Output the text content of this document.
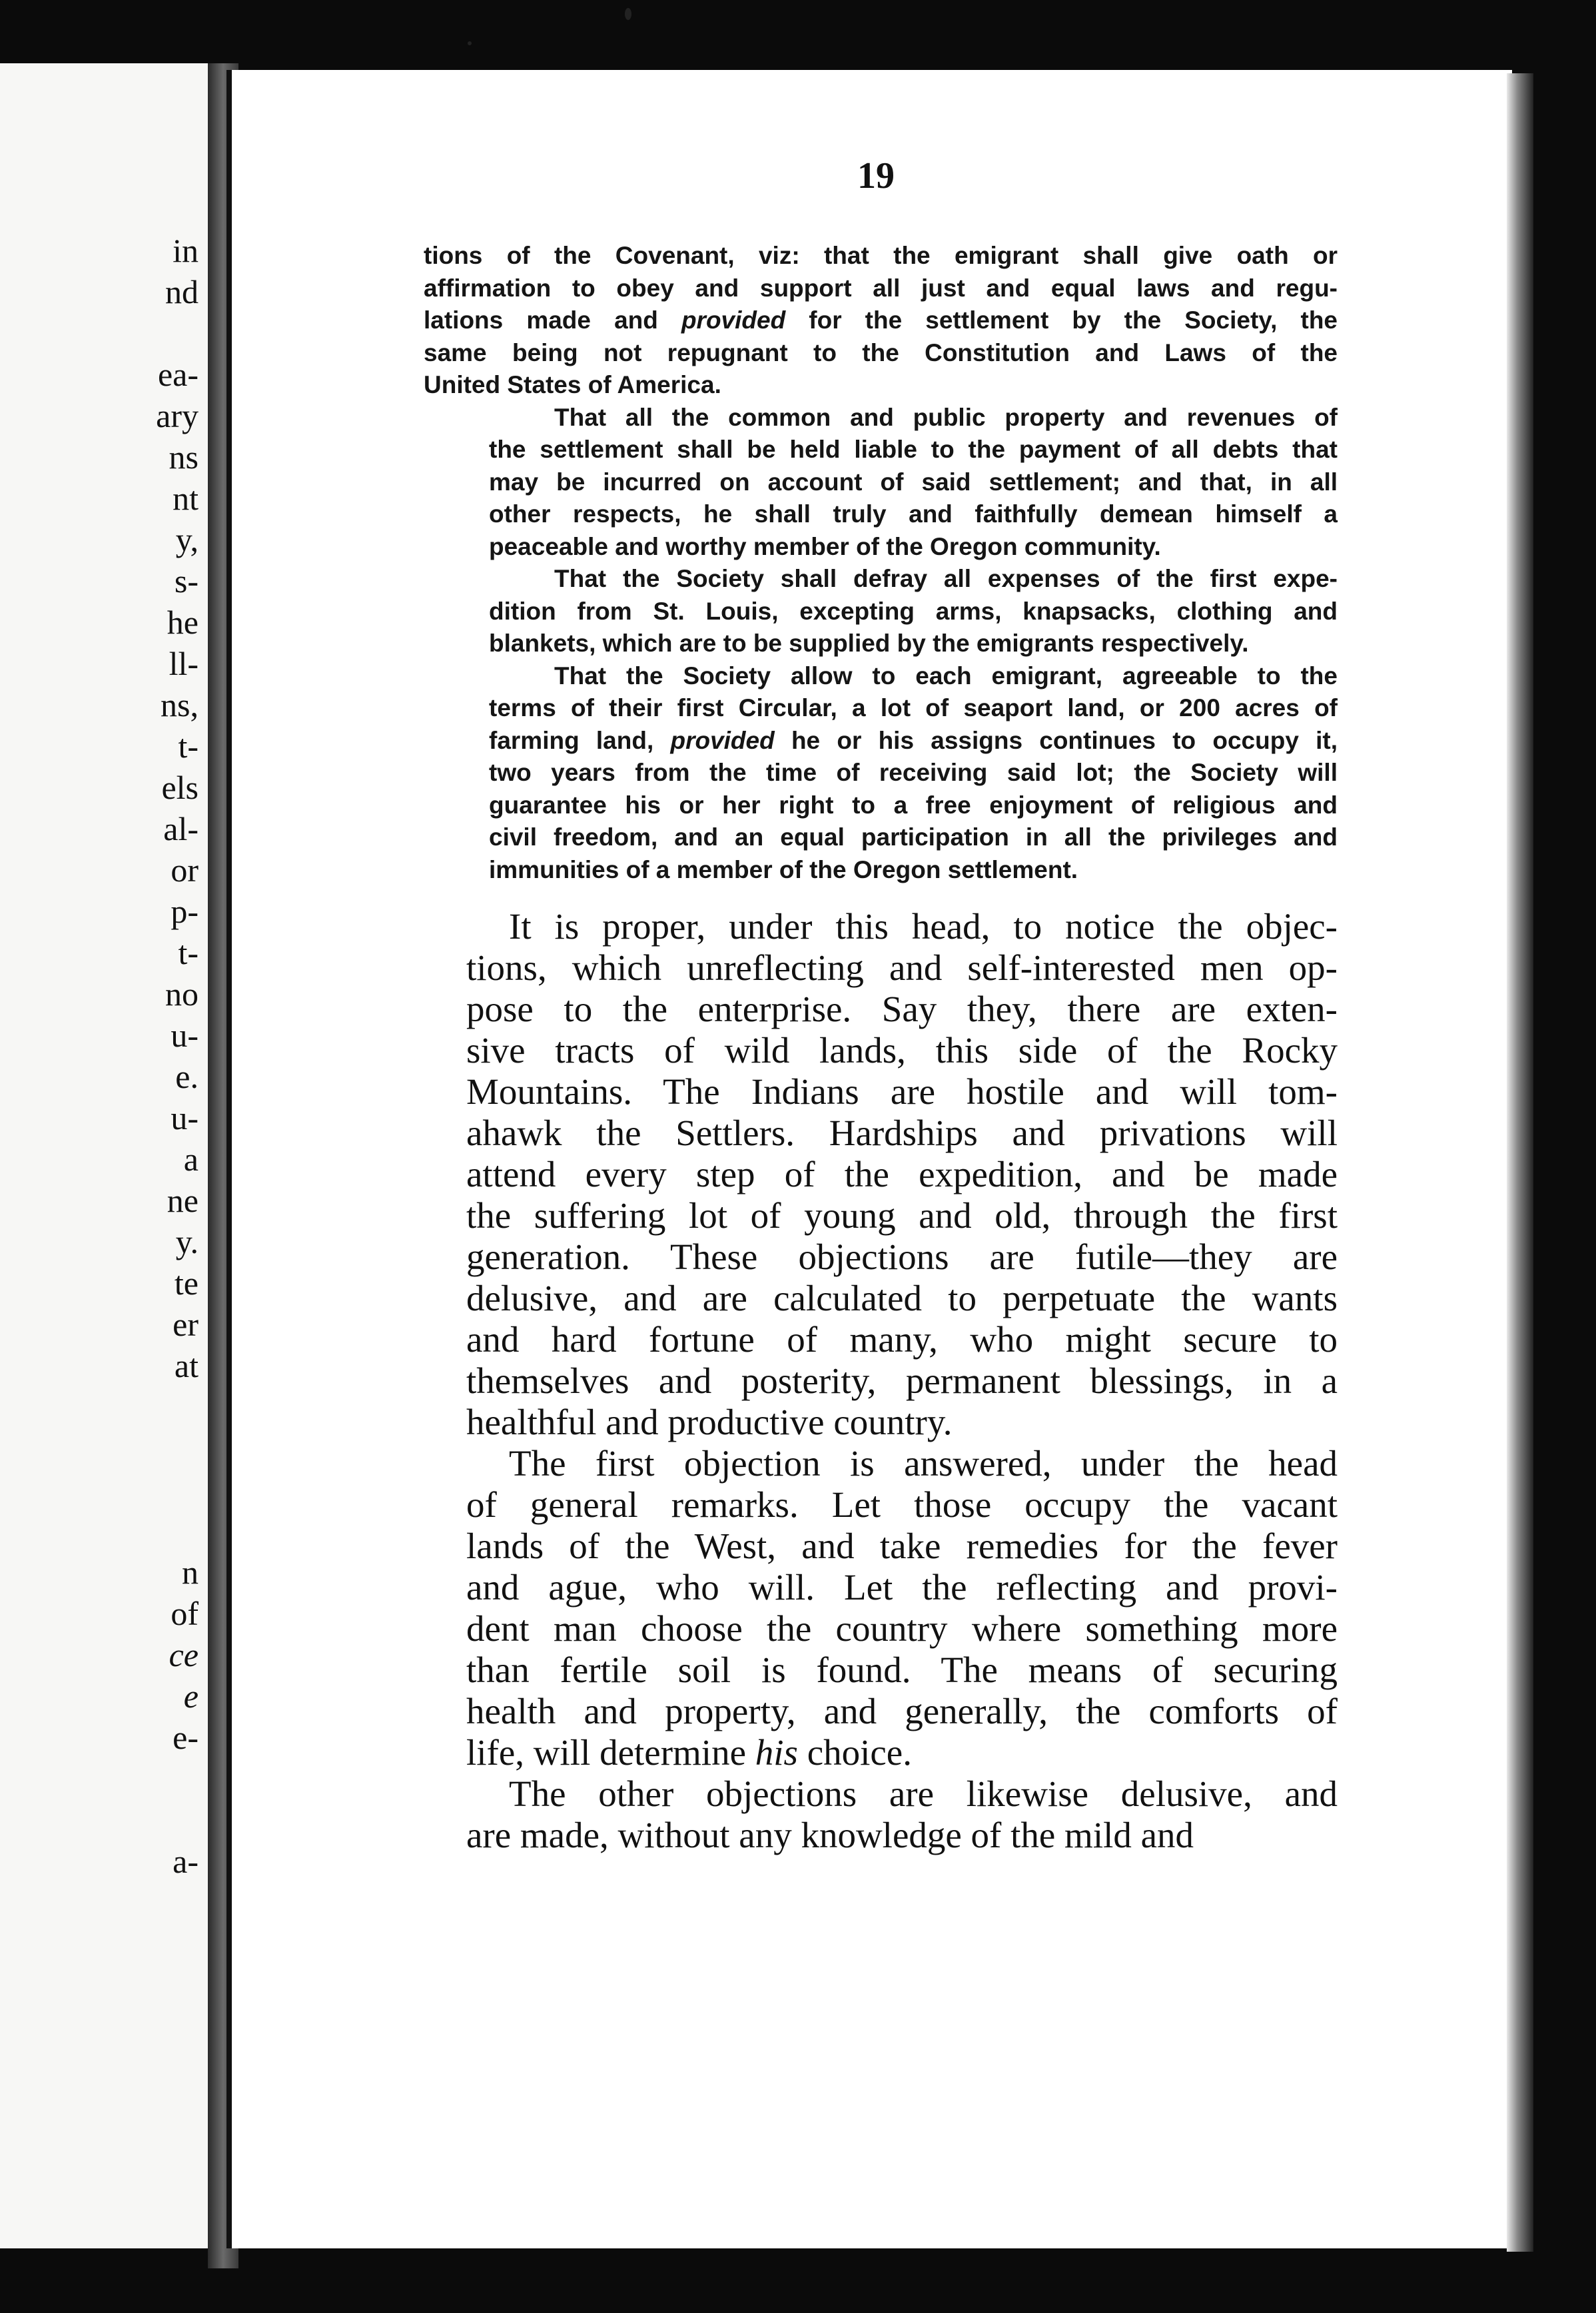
in
nd
ea-
ary
ns
nt
y,
s-
he
ll-
ns,
t-
els
al-
or
p-
t-
no
u-
e.
u-
a
ne
y.
te
er
at
n
of
ce
e
e-
a-
19

tions of the Covenant, viz: that the emigrant shall give oath or
affirmation to obey and support all just and equal laws and regu-
lations made and provided for the settlement by the Society, the
same being not repugnant to the Constitution and Laws of the
United States of America.

That all the common and public property and revenues of
the settlement shall be held liable to the payment of all debts that
may be incurred on account of said settlement; and that, in all
other respects, he shall truly and faithfully demean himself a
peaceable and worthy member of the Oregon community.

That the Society shall defray all expenses of the first expe-
dition from St. Louis, excepting arms, knapsacks, clothing and
blankets, which are to be supplied by the emigrants respectively.

That the Society allow to each emigrant, agreeable to the
terms of their first Circular, a lot of seaport land, or 200 acres of
farming land, provided he or his assigns continues to occupy it,
two years from the time of receiving said lot; the Society will
guarantee his or her right to a free enjoyment of religious and
civil freedom, and an equal participation in all the privileges and
immunities of a member of the Oregon settlement.

It is proper, under this head, to notice the objec-
tions, which unreflecting and self-interested men op-
pose to the enterprise. Say they, there are exten-
sive tracts of wild lands, this side of the Rocky
Mountains. The Indians are hostile and will tom-
ahawk the Settlers. Hardships and privations will
attend every step of the expedition, and be made
the suffering lot of young and old, through the first
generation. These objections are futile—they are
delusive, and are calculated to perpetuate the wants
and hard fortune of many, who might secure to
themselves and posterity, permanent blessings, in a
healthful and productive country.

The first objection is answered, under the head
of general remarks. Let those occupy the vacant
lands of the West, and take remedies for the fever
and ague, who will. Let the reflecting and provi-
dent man choose the country where something more
than fertile soil is found. The means of securing
health and property, and generally, the comforts of
life, will determine his choice.

The other objections are likewise delusive, and
are made, without any knowledge of the mild and
